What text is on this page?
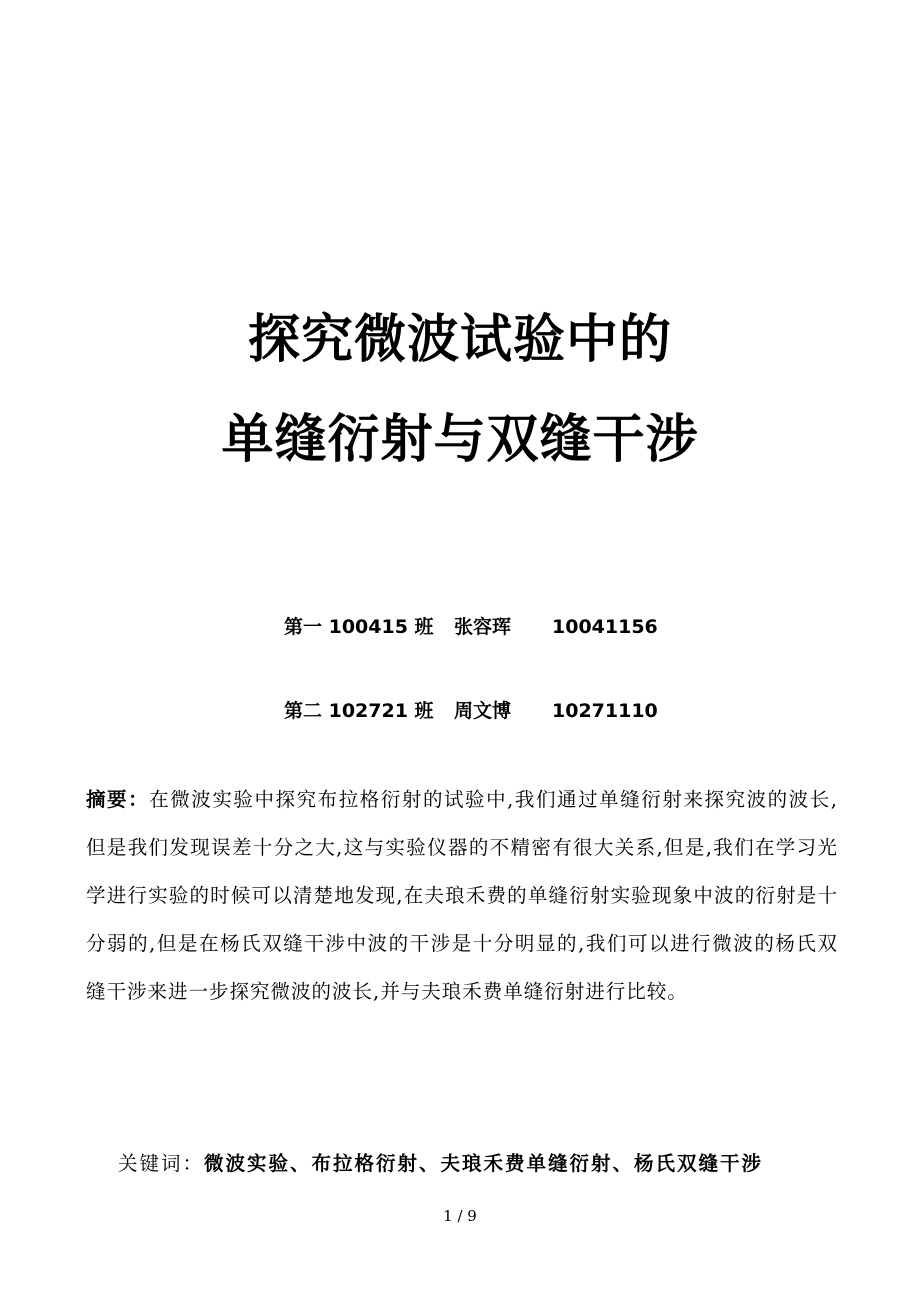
探究微波试验中的
单缝衍射与双缝干涉
第一 100415 班 张容珲 10041156
第二 102721 班 周文博 10271110

摘要：在微波实验中探究布拉格衍射的试验中,我们通过单缝衍射来探究波的波长,但是我们发现误差十分之大,这与实验仪器的不精密有很大关系,但是,我们在学习光学进行实验的时候可以清楚地发现,在夫琅禾费的单缝衍射实验现象中波的衍射是十分弱的,但是在杨氏双缝干涉中波的干涉是十分明显的,我们可以进行微波的杨氏双缝干涉来进一步探究微波的波长,并与夫琅禾费单缝衍射进行比较。

关键词：微波实验、布拉格衍射、夫琅禾费单缝衍射、杨氏双缝干涉
1 / 9
